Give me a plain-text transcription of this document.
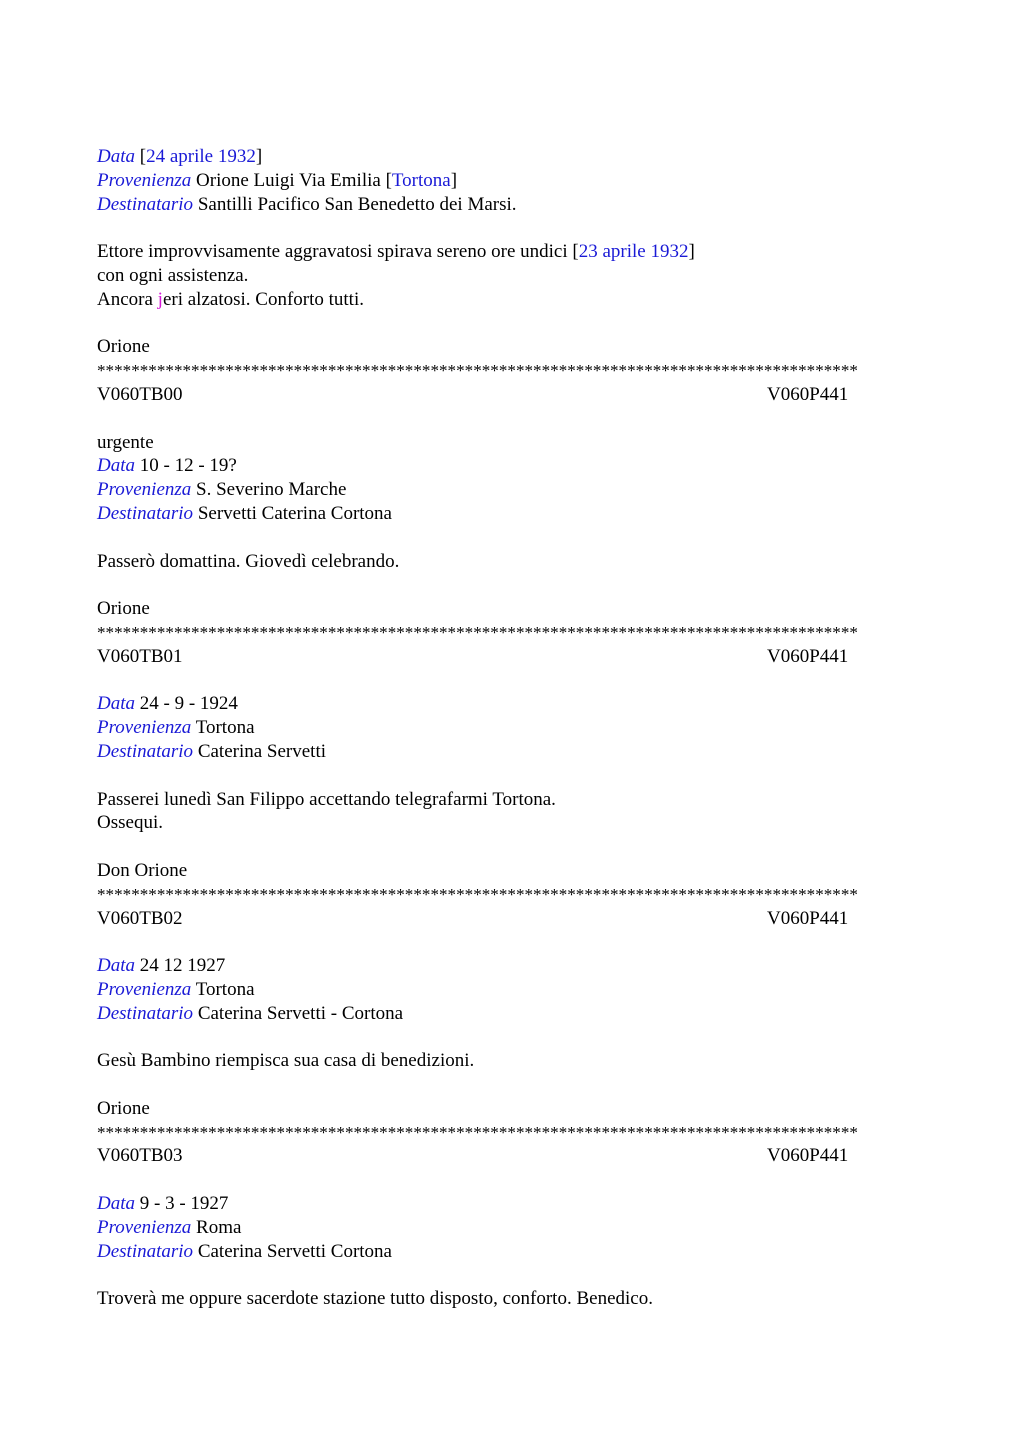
Data [24 aprile 1932]
Provenienza Orione Luigi Via Emilia [Tortona]
Destinatario Santilli Pacifico San Benedetto dei Marsi.
Ettore improvvisamente aggravatosi spirava sereno ore undici [23 aprile 1932]
con ogni assistenza.
Ancora jeri alzatosi. Conforto tutti.
Orione
*****************************************************************************************
V060TB00	V060P441
urgente
Data 10 - 12 - 19?
Provenienza S. Severino Marche
Destinatario Servetti Caterina Cortona
Passerò domattina. Giovedì celebrando.
Orione
*****************************************************************************************
V060TB01	V060P441
Data 24 - 9 - 1924
Provenienza Tortona
Destinatario Caterina Servetti
Passerei lunedì San Filippo accettando telegrafarmi Tortona.
Ossequi.
Don Orione
*****************************************************************************************
V060TB02	V060P441
Data 24 12 1927
Provenienza Tortona
Destinatario Caterina Servetti - Cortona
Gesù Bambino riempisca sua casa di benedizioni.
Orione
*****************************************************************************************
V060TB03	V060P441
Data 9 - 3 - 1927
Provenienza Roma
Destinatario Caterina Servetti Cortona
Troverà me oppure sacerdote stazione tutto disposto, conforto. Benedico.
